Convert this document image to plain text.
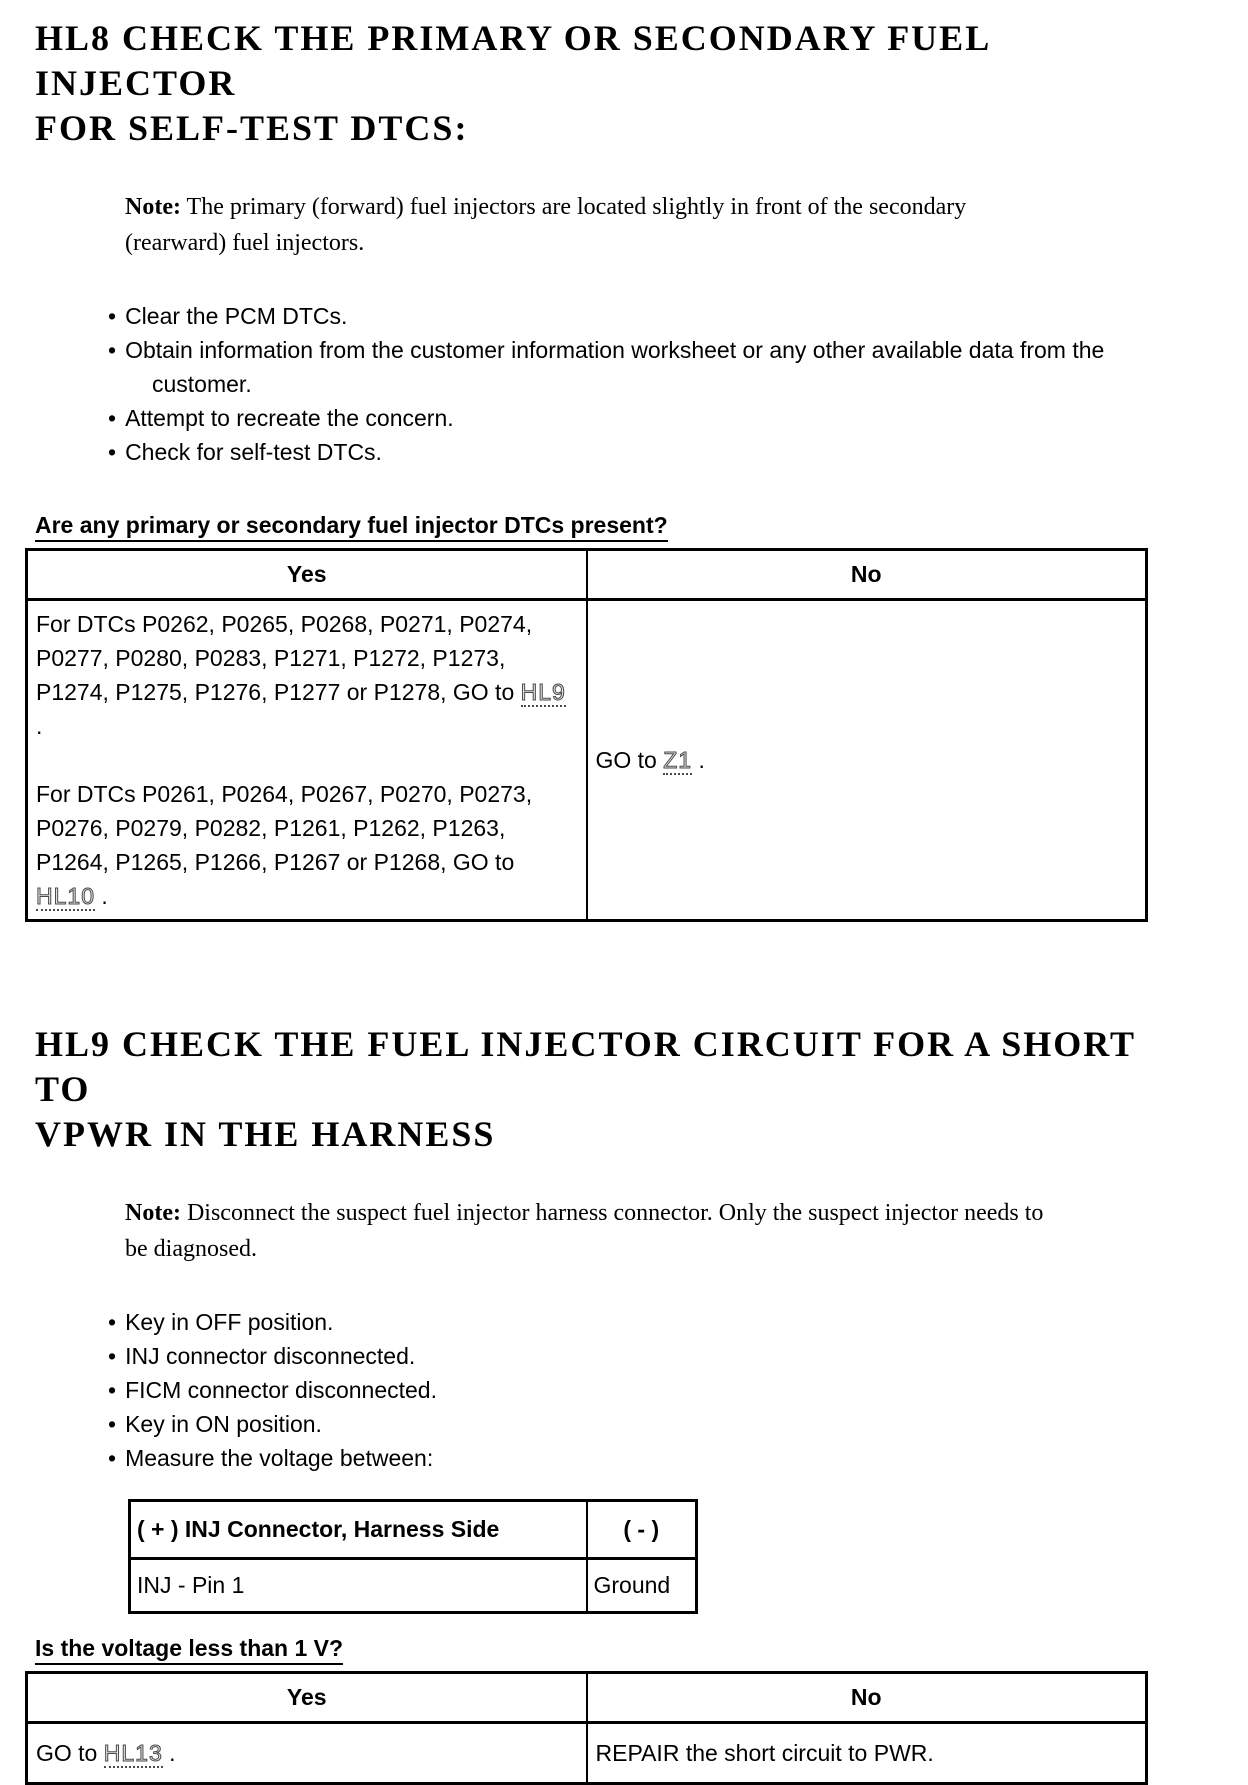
HL8 CHECK THE PRIMARY OR SECONDARY FUEL INJECTOR
FOR SELF-TEST DTCS:

Note: The primary (forward) fuel injectors are located slightly in front of the secondary (rearward) fuel injectors.

• Clear the PCM DTCs.
• Obtain information from the customer information worksheet or any other available data from the customer.
• Attempt to recreate the concern.
• Check for self-test DTCs.

Are any primary or secondary fuel injector DTCs present?

Yes	No

For DTCs P0262, P0265, P0268, P0271, P0274, P0277, P0280, P0283, P1271, P1272, P1273, P1274, P1275, P1276, P1277 or P1278, GO to HL9 .

For DTCs P0261, P0264, P0267, P0270, P0273, P0276, P0279, P0282, P1261, P1262, P1263, P1264, P1265, P1266, P1267 or P1268, GO to HL10 .	GO to Z1 .
HL9 CHECK THE FUEL INJECTOR CIRCUIT FOR A SHORT TO
VPWR IN THE HARNESS

Note: Disconnect the suspect fuel injector harness connector. Only the suspect injector needs to be diagnosed.

• Key in OFF position.
• INJ connector disconnected.
• FICM connector disconnected.
• Key in ON position.
• Measure the voltage between:
( + ) INJ Connector, Harness Side	( - )
INJ - Pin 1	Ground

Is the voltage less than 1 V?

Yes	No
GO to HL13 .	REPAIR the short circuit to PWR.
